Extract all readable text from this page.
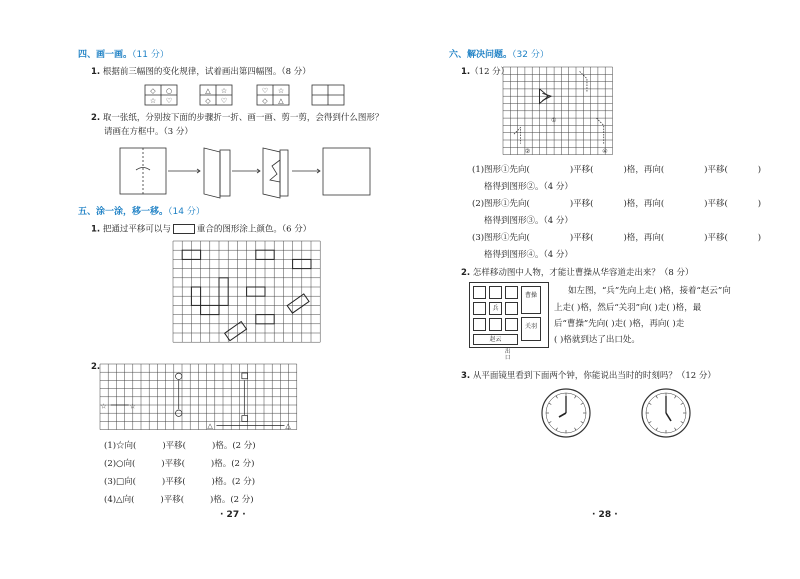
四、画一画。（11 分）
1. 根据前三幅图的变化规律，试着画出第四幅图。（8 分）
◇ ○
☆ ♡
△ ☆
◇ ♡
♡ ☆
◇ △
2. 取一张纸，分别按下面的步骤折一折、画一画、剪一剪，会得到什么图形？
请画在方框中。（3 分）
五、涂一涂，移一移。（14 分）
1. 把通过平移可以与	重合的图形涂上颜色。（6 分）
2.
☆	☆
△	△
(1)☆向(	)平移(	)格。(2 分)
(2)○向(	)平移(	)格。(2 分)
(3)□向(	)平移(	)格。(2 分)
(4)△向(	)平移(	)格。(2 分)
· 27 ·
六、解决问题。（32 分）
1.（12 分）
①
②	④
(1)图形①先向(	)平移(	)格，再向(	)平移(	)
格得到图形②。（4 分）
(2)图形①先向(	)平移(	)格，再向(	)平移(	)
格得到图形③。（4 分）
(3)图形①先向(	)平移(	)格，再向(	)平移(	)
格得到图形④。（4 分）
2. 怎样移动图中人物，才能让曹操从华容道走出来？（8 分）
兵
曹操
关羽
赵云
出口
如左图，“兵”先向上走( )格，接着“赵云”向
上走( )格，然后“关羽”向( )走( )格，最
后“曹操”先向( )走( )格，再向( )走
( )格就到达了出口处。
3. 从平面镜里看到下面两个钟，你能说出当时的时刻吗？（12 分）
· 28 ·
